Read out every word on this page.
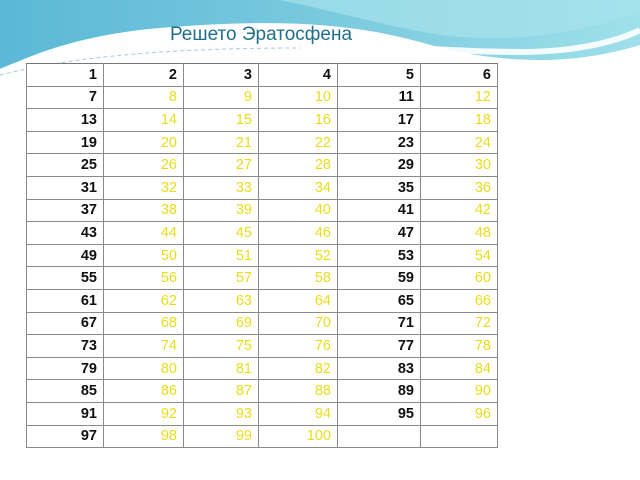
Решето Эратосфена
1	2	3	4	5	6
7	8	9	10	11	12
13	14	15	16	17	18
19	20	21	22	23	24
25	26	27	28	29	30
31	32	33	34	35	36
37	38	39	40	41	42
43	44	45	46	47	48
49	50	51	52	53	54
55	56	57	58	59	60
61	62	63	64	65	66
67	68	69	70	71	72
73	74	75	76	77	78
79	80	81	82	83	84
85	86	87	88	89	90
91	92	93	94	95	96
97	98	99	100		
